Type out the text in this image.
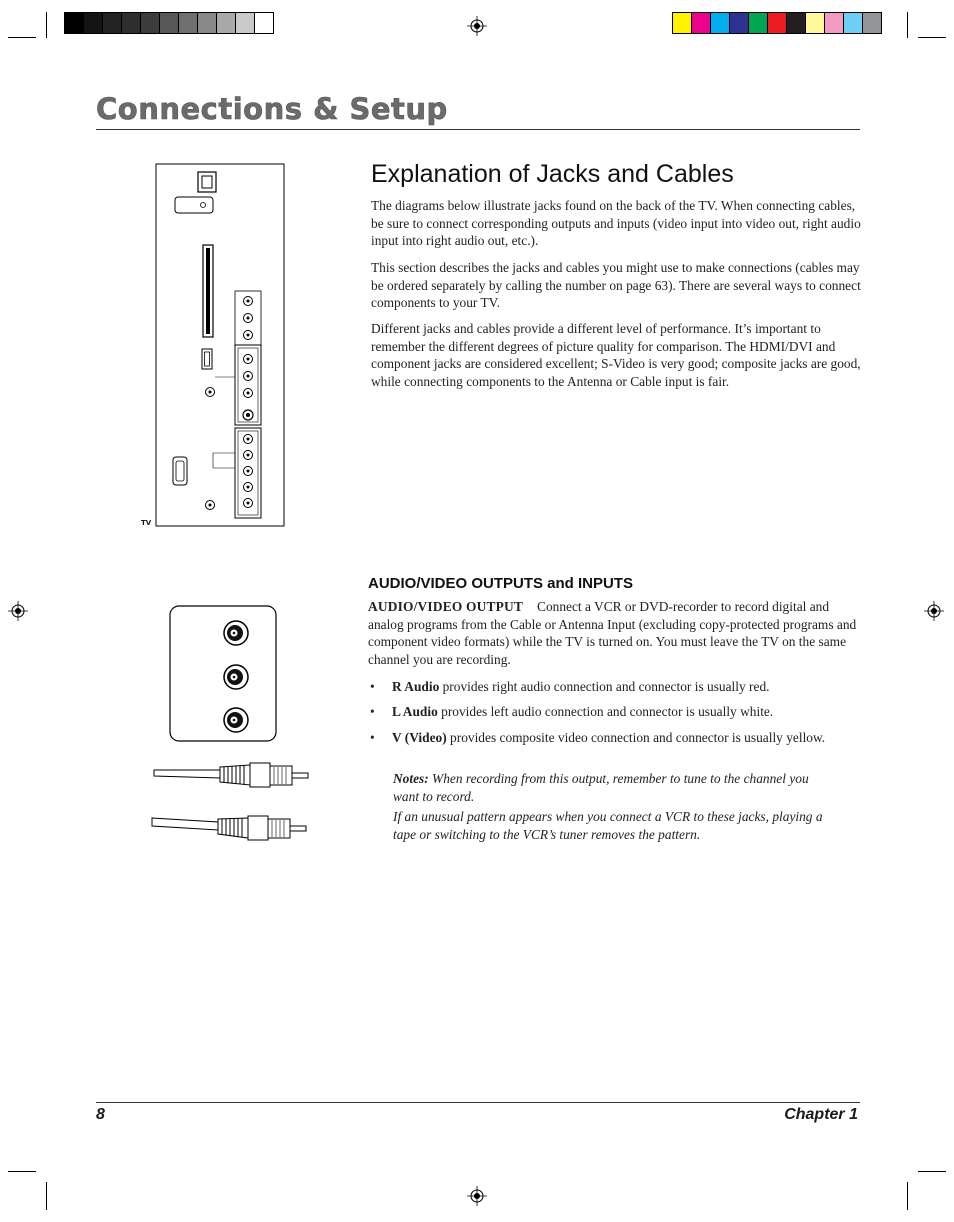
Connections & Setup
TV
Explanation of Jacks and Cables
The diagrams below illustrate jacks found on the back of the TV. When connecting cables, be sure to connect corresponding outputs and inputs (video input into video out, right audio input into right audio out, etc.).
This section describes the jacks and cables you might use to make connections (cables may be ordered separately by calling the number on page 63). There are several ways to connect components to your TV.
Different jacks and cables provide a different level of performance. It’s important to remember the different degrees of picture quality for comparison. The HDMI/DVI and component jacks are considered excellent; S-Video is very good; composite jacks are good, while connecting components to the Antenna or Cable input is fair.
AUDIO/VIDEO OUTPUTS and INPUTS
AUDIO/VIDEO OUTPUT Connect a VCR or DVD-recorder to record digital and analog programs from the Cable or Antenna Input (excluding copy-protected programs and component video formats) while the TV is turned on. You must leave the TV on the same channel you are recording.
• R Audio provides right audio connection and connector is usually red.
• L Audio provides left audio connection and connector is usually white.
• V (Video) provides composite video connection and connector is usually yellow.
Notes: When recording from this output, remember to tune to the channel you want to record.
If an unusual pattern appears when you connect a VCR to these jacks, playing a tape or switching to the VCR’s tuner removes the pattern.
8	Chapter 1
